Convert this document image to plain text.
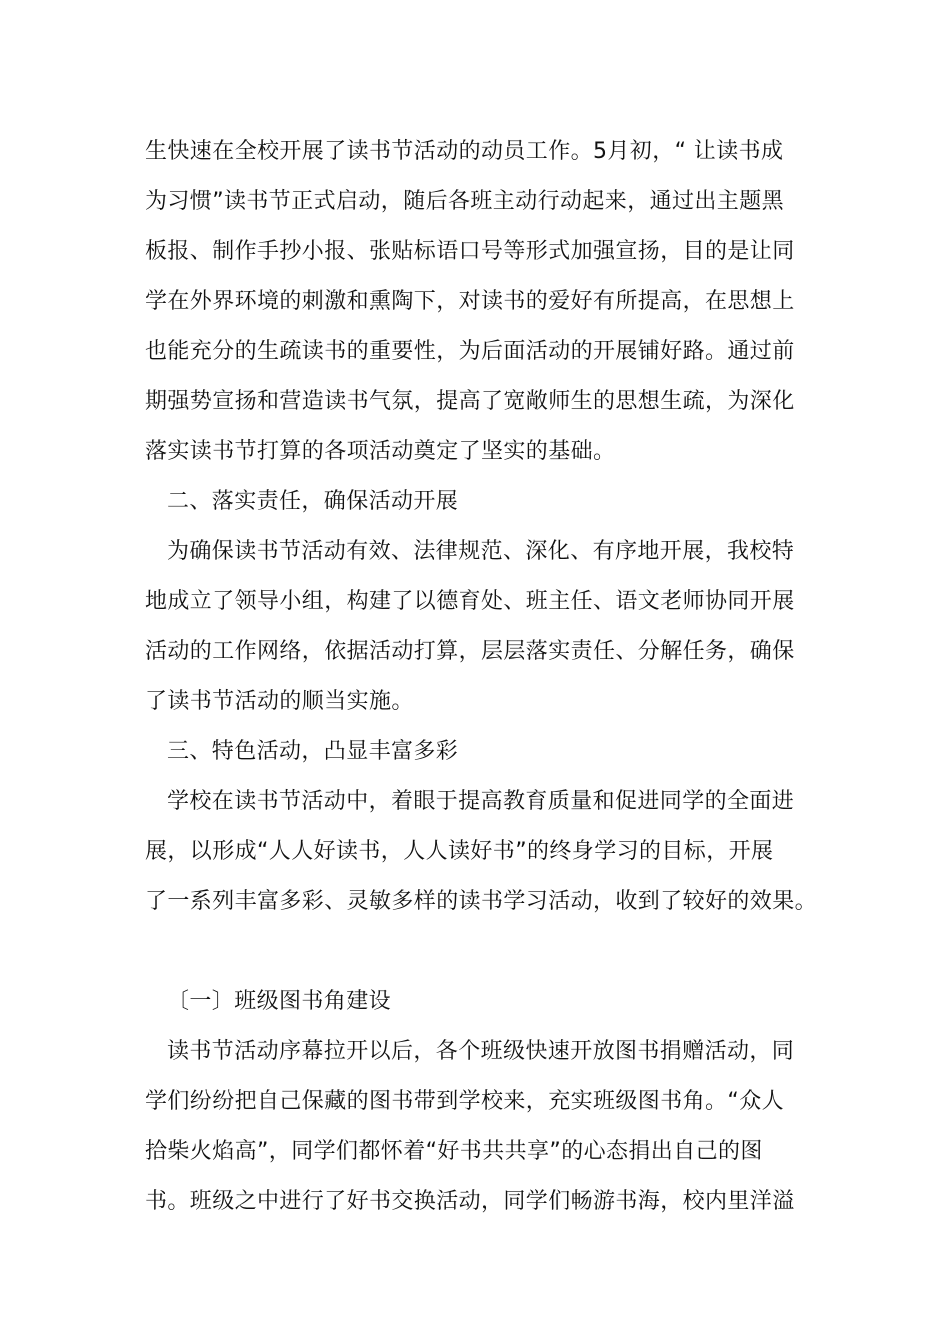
生快速在全校开展了读书节活动的动员工作。5月初，“ 让读书成
为习惯”读书节正式启动，随后各班主动行动起来，通过出主题黑
板报、制作手抄小报、张贴标语口号等形式加强宣扬，目的是让同
学在外界环境的刺激和熏陶下，对读书的爱好有所提高，在思想上
也能充分的生疏读书的重要性，为后面活动的开展铺好路。通过前
期强势宣扬和营造读书气氛，提高了宽敞师生的思想生疏，为深化
落实读书节打算的各项活动奠定了坚实的基础。
二、落实责任，确保活动开展
为确保读书节活动有效、法律规范、深化、有序地开展，我校特
地成立了领导小组，构建了以德育处、班主任、语文老师协同开展
活动的工作网络，依据活动打算，层层落实责任、分解任务，确保
了读书节活动的顺当实施。
三、特色活动，凸显丰富多彩
学校在读书节活动中，着眼于提高教育质量和促进同学的全面进
展，以形成“人人好读书，人人读好书”的终身学习的目标，开展
了一系列丰富多彩、灵敏多样的读书学习活动，收到了较好的效果。
〔一〕班级图书角建设
读书节活动序幕拉开以后，各个班级快速开放图书捐赠活动，同
学们纷纷把自己保藏的图书带到学校来，充实班级图书角。“众人
拾柴火焰高”，同学们都怀着“好书共共享”的心态捐出自己的图
书。班级之中进行了好书交换活动，同学们畅游书海，校内里洋溢
